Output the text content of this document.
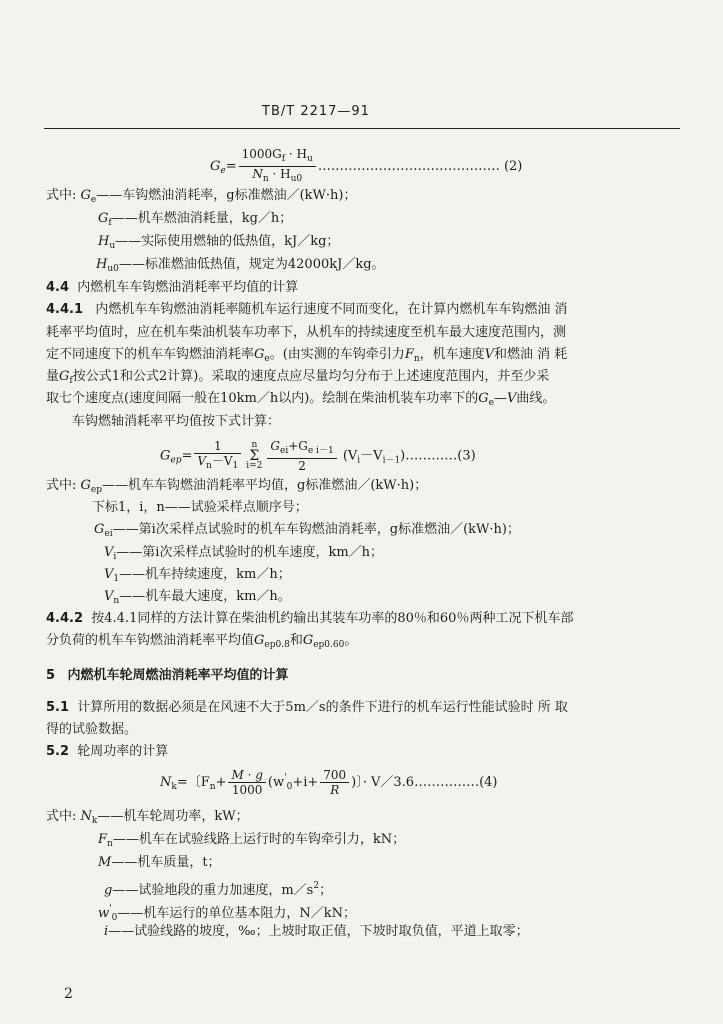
TB/T 2217—91
$G_e= \frac{1000G_f \cdot H_u}{N_n \cdot H_{u0}}$ …………………………………… (2)
式中: $G_e——$车钩燃油消耗率，g标准燃油／(kW·h)；
$G_f——$机车燃油消耗量，kg／h；
$H_u——$实际使用燃轴的低热值，kJ／kg；
$H_{u0}——$标准燃油低热值，规定为42000kJ／kg。
4.4 内燃机车车钩燃油消耗率平均值的计算
4.4.1 内燃机车车钩燃油消耗率随机车运行速度不同而变化，在计算内燃机车车钩燃油 消
耗率平均值时，应在机车柴油机装车功率下，从机车的持续速度至机车最大速度范围内，测
定不同速度下的机车车钩燃油消耗率$G_e$。(由实测的车钩牵引力$F_n$，机车速度V和燃油 消 耗
量$G_f$按公式1和公式2计算)。采取的速度点应尽量均匀分布于上述速度范围内，并至少采
取七个速度点(速度间隔一般在10km／h以内)。绘制在柴油机装车功率下的$G_e—V$曲线。
车钩燃轴消耗率平均值按下式计算：
$G_{ep}= \frac{1}{V_n-V_1}$ n
Σ
$i=2 \frac{G_{ei}+G_{e i-1}}{2}$ $(V_i-V_{i-1})\dots\dots\dots\dots(3)$
式中: $G_{ep}——$机车车钩燃油消耗率平均值，g标准燃油／(kW·h)；
下标1，i，n——试验采样点顺序号；
$G_{ei}——$第i次采样点试验时的机车车钩燃油消耗率，g标准燃油／(kW·h)；
$V_i——$第i次采样点试验时的机车速度，km／h；
$V_1——$机车持续速度，km／h；
$V_n——$机车最大速度，km／h。
4.4.2 按4.4.1同样的方法计算在柴油机约输出其装车功率的80％和60％两种工况下机车部
分负荷的机车车钩燃油消耗率平均值$G_{ep0.8}$和$G_{ep0.60}$。
5 内燃机车轮周燃油消耗率平均值的计算
5.1 计算所用的数据必须是在风速不大于5m／s的条件下进行的机车运行性能试验时 所 取
得的试验数据。
5.2 轮周功率的计算
$N_k=$〔$F_n+ \frac{M \cdot g}{1000} (w'_0+i+ \frac{700}{R}$ )〕· V／3.6……………(4)
式中: $N_k——$机车轮周功率，kW；
$F_n——$机车在试验线路上运行时的车钩牵引力，kN；
M——机车质量，t；
g——试验地段的重力加速度，$m/s^2$；
$w'_0——$机车运行的单位基本阻力，N／kN；
i——试验线路的坡度，‰；上坡时取正值，下坡时取负值，平道上取零；
2
